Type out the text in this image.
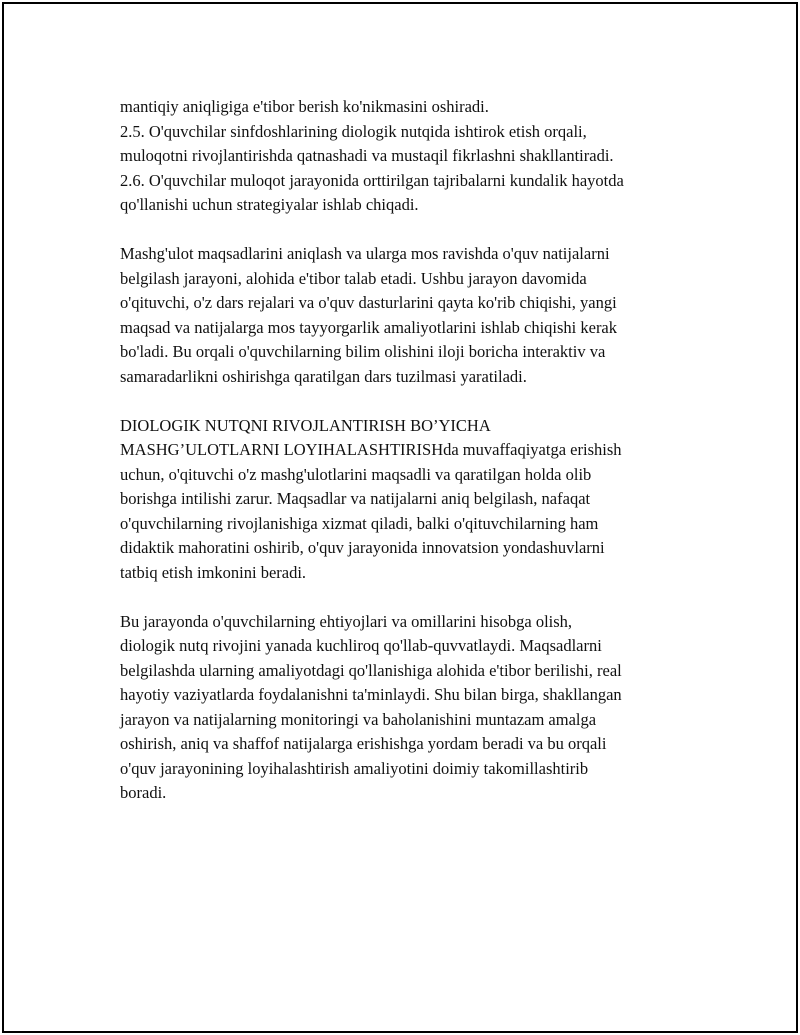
mantiqiy aniqligiga e'tibor berish ko'nikmasini oshiradi.
2.5. O'quvchilar sinfdoshlarining diologik nutqida ishtirok etish orqali,
muloqotni rivojlantirishda qatnashadi va mustaqil fikrlashni shakllantiradi.
2.6. O'quvchilar muloqot jarayonida orttirilgan tajribalarni kundalik hayotda
qo'llanishi uchun strategiyalar ishlab chiqadi.
Mashg'ulot maqsadlarini aniqlash va ularga mos ravishda o'quv natijalarni
belgilash jarayoni, alohida e'tibor talab etadi. Ushbu jarayon davomida
o'qituvchi, o'z dars rejalari va o'quv dasturlarini qayta ko'rib chiqishi, yangi
maqsad va natijalarga mos tayyorgarlik amaliyotlarini ishlab chiqishi kerak
bo'ladi. Bu orqali o'quvchilarning bilim olishini iloji boricha interaktiv va
samaradarlikni oshirishga qaratilgan dars tuzilmasi yaratiladi.
DIOLOGIK NUTQNI RIVOJLANTIRISH BO’YICHA
MASHG’ULOTLARNI LOYIHALASHTIRISHda muvaffaqiyatga erishish
uchun, o'qituvchi o'z mashg'ulotlarini maqsadli va qaratilgan holda olib
borishga intilishi zarur. Maqsadlar va natijalarni aniq belgilash, nafaqat
o'quvchilarning rivojlanishiga xizmat qiladi, balki o'qituvchilarning ham
didaktik mahoratini oshirib, o'quv jarayonida innovatsion yondashuvlarni
tatbiq etish imkonini beradi.
Bu jarayonda o'quvchilarning ehtiyojlari va omillarini hisobga olish,
diologik nutq rivojini yanada kuchliroq qo'llab-quvvatlaydi. Maqsadlarni
belgilashda ularning amaliyotdagi qo'llanishiga alohida e'tibor berilishi, real
hayotiy vaziyatlarda foydalanishni ta'minlaydi. Shu bilan birga, shakllangan
jarayon va natijalarning monitoringi va baholanishini muntazam amalga
oshirish, aniq va shaffof natijalarga erishishga yordam beradi va bu orqali
o'quv jarayonining loyihalashtirish amaliyotini doimiy takomillashtirib
boradi.
